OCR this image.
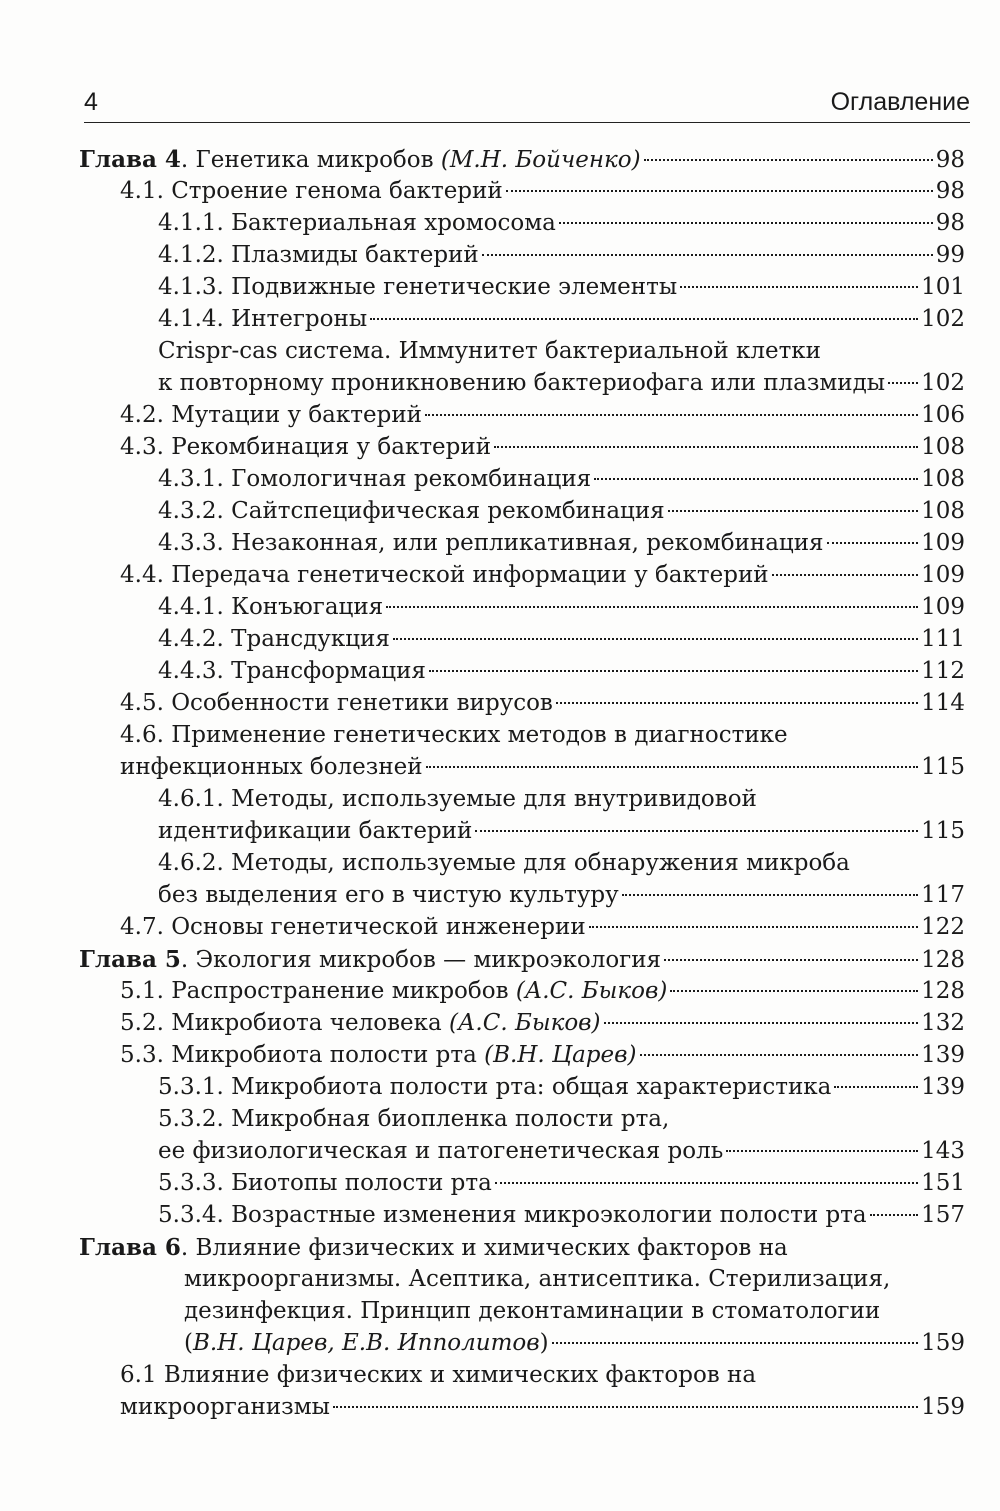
4	Оглавление
Глава 4. Генетика микробов (М.Н. Бойченко)	98
4.1. Строение генома бактерий	98
4.1.1. Бактериальная хромосома	98
4.1.2. Плазмиды бактерий	99
4.1.3. Подвижные генетические элементы	101
4.1.4. Интегроны	102
Crispr-cas система. Иммунитет бактериальной клетки
к повторному проникновению бактериофага или плазмиды 102
4.2. Мутации у бактерий	106
4.3. Рекомбинация у бактерий	108
4.3.1. Гомологичная рекомбинация	108
4.3.2. Сайтспецифическая рекомбинация	108
4.3.3. Незаконная, или репликативная, рекомбинация	109
4.4. Передача генетической информации у бактерий	109
4.4.1. Конъюгация	109
4.4.2. Трансдукция	111
4.4.3. Трансформация	112
4.5. Особенности генетики вирусов	114
4.6. Применение генетических методов в диагностике
инфекционных болезней	115
4.6.1. Методы, используемые для внутривидовой
идентификации бактерий	115
4.6.2. Методы, используемые для обнаружения микроба
без выделения его в чистую культуру	117
4.7. Основы генетической инженерии	122
Глава 5. Экология микробов — микроэкология	128
5.1. Распространение микробов (А.С. Быков)	128
5.2. Микробиота человека (А.С. Быков)	132
5.3. Микробиота полости рта (В.Н. Царев)	139
5.3.1. Микробиота полости рта: общая характеристика	139
5.3.2. Микробная биопленка полости рта,
ее физиологическая и патогенетическая роль	143
5.3.3. Биотопы полости рта	151
5.3.4. Возрастные изменения микроэкологии полости рта 157
Глава 6. Влияние физических и химических факторов на
микроорганизмы. Асептика, антисептика. Стерилизация,
дезинфекция. Принцип деконтаминации в стоматологии
(В.Н. Царев, Е.В. Ипполитов)	159
6.1 Влияние физических и химических факторов на
микроорганизмы	159
